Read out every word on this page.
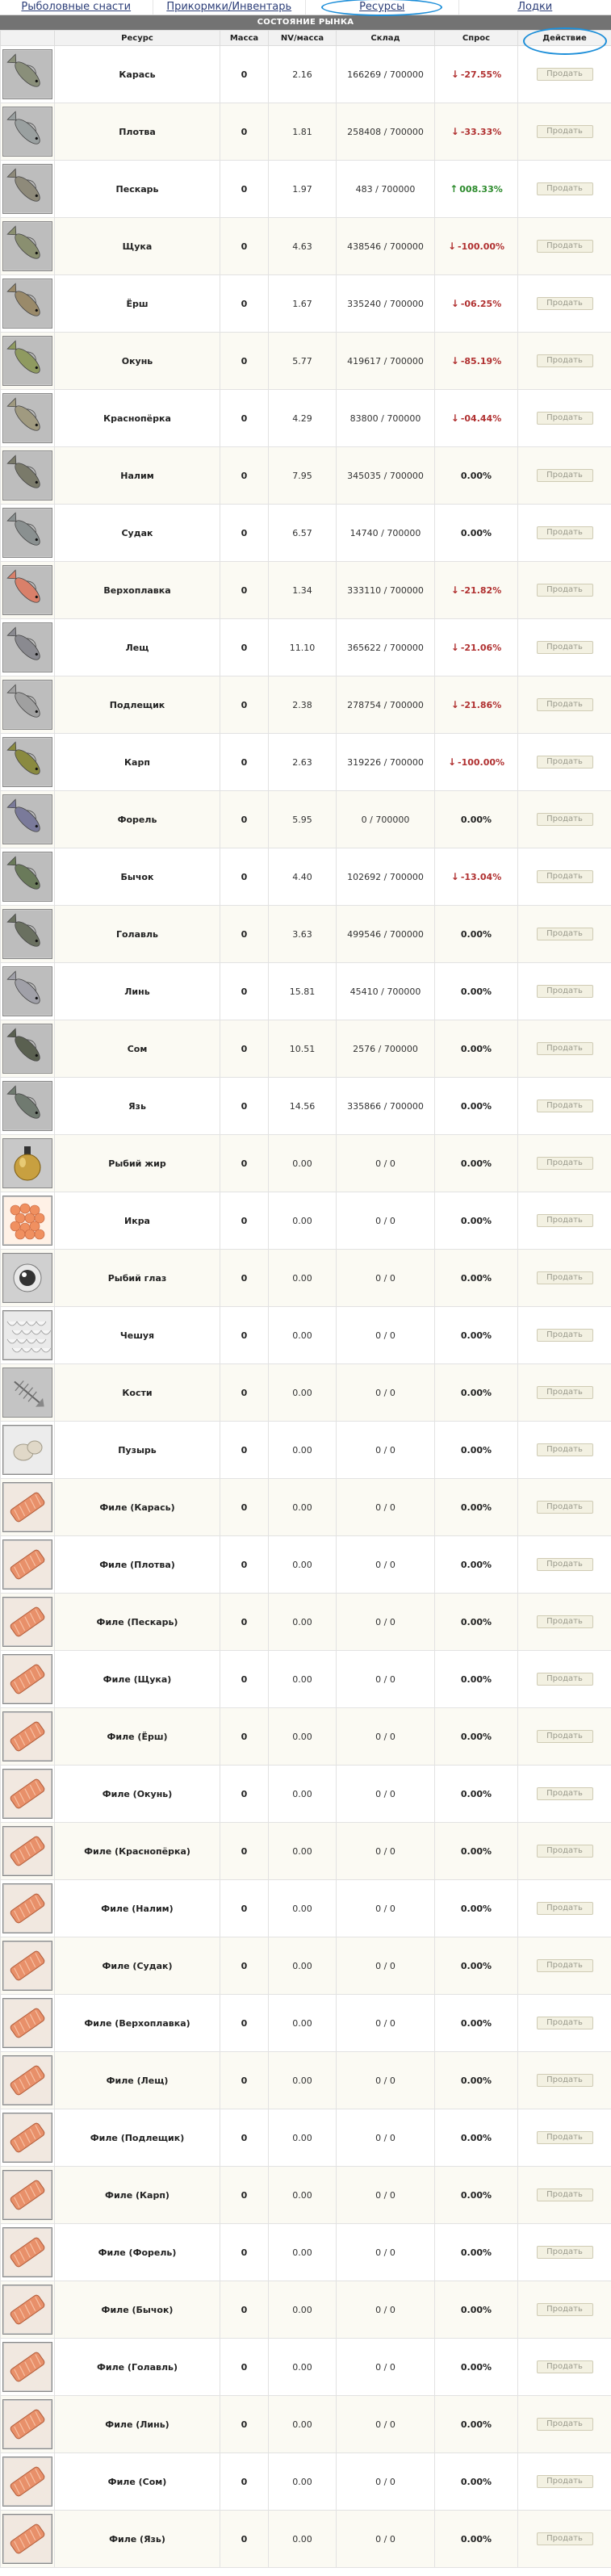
Рыболовные снасти	Прикормки/Инвентарь	Ресурсы	Лодки
СОСТОЯНИЕ РЫНКА
	Ресурс	Масса	NV/масса	Склад	Спрос	Действие

	Карась	0	2.16	166269 / 700000	↓ -27.55%	Продать

	Плотва	0	1.81	258408 / 700000	↓ -33.33%	Продать

	Пескарь	0	1.97	483 / 700000	↑ 008.33%	Продать

	Щука	0	4.63	438546 / 700000	↓ -100.00%	Продать

	Ёрш	0	1.67	335240 / 700000	↓ -06.25%	Продать

	Окунь	0	5.77	419617 / 700000	↓ -85.19%	Продать

	Краснопёрка	0	4.29	83800 / 700000	↓ -04.44%	Продать

	Налим	0	7.95	345035 / 700000	0.00%	Продать

	Судак	0	6.57	14740 / 700000	0.00%	Продать

	Верхоплавка	0	1.34	333110 / 700000	↓ -21.82%	Продать

	Лещ	0	11.10	365622 / 700000	↓ -21.06%	Продать

	Подлещик	0	2.38	278754 / 700000	↓ -21.86%	Продать

	Карп	0	2.63	319226 / 700000	↓ -100.00%	Продать

	Форель	0	5.95	0 / 700000	0.00%	Продать

	Бычок	0	4.40	102692 / 700000	↓ -13.04%	Продать

	Голавль	0	3.63	499546 / 700000	0.00%	Продать

	Линь	0	15.81	45410 / 700000	0.00%	Продать

	Сом	0	10.51	2576 / 700000	0.00%	Продать

	Язь	0	14.56	335866 / 700000	0.00%	Продать

	Рыбий жир	0	0.00	0 / 0	0.00%	Продать

	Икра	0	0.00	0 / 0	0.00%	Продать

	Рыбий глаз	0	0.00	0 / 0	0.00%	Продать

	Чешуя	0	0.00	0 / 0	0.00%	Продать

	Кости	0	0.00	0 / 0	0.00%	Продать

	Пузырь	0	0.00	0 / 0	0.00%	Продать

	Филе (Карась)	0	0.00	0 / 0	0.00%	Продать

	Филе (Плотва)	0	0.00	0 / 0	0.00%	Продать

	Филе (Пескарь)	0	0.00	0 / 0	0.00%	Продать

	Филе (Щука)	0	0.00	0 / 0	0.00%	Продать

	Филе (Ёрш)	0	0.00	0 / 0	0.00%	Продать

	Филе (Окунь)	0	0.00	0 / 0	0.00%	Продать

	Филе (Краснопёрка)	0	0.00	0 / 0	0.00%	Продать

	Филе (Налим)	0	0.00	0 / 0	0.00%	Продать

	Филе (Судак)	0	0.00	0 / 0	0.00%	Продать

	Филе (Верхоплавка)	0	0.00	0 / 0	0.00%	Продать

	Филе (Лещ)	0	0.00	0 / 0	0.00%	Продать

	Филе (Подлещик)	0	0.00	0 / 0	0.00%	Продать

	Филе (Карп)	0	0.00	0 / 0	0.00%	Продать

	Филе (Форель)	0	0.00	0 / 0	0.00%	Продать

	Филе (Бычок)	0	0.00	0 / 0	0.00%	Продать

	Филе (Голавль)	0	0.00	0 / 0	0.00%	Продать

	Филе (Линь)	0	0.00	0 / 0	0.00%	Продать

	Филе (Сом)	0	0.00	0 / 0	0.00%	Продать

	Филе (Язь)	0	0.00	0 / 0	0.00%	Продать
